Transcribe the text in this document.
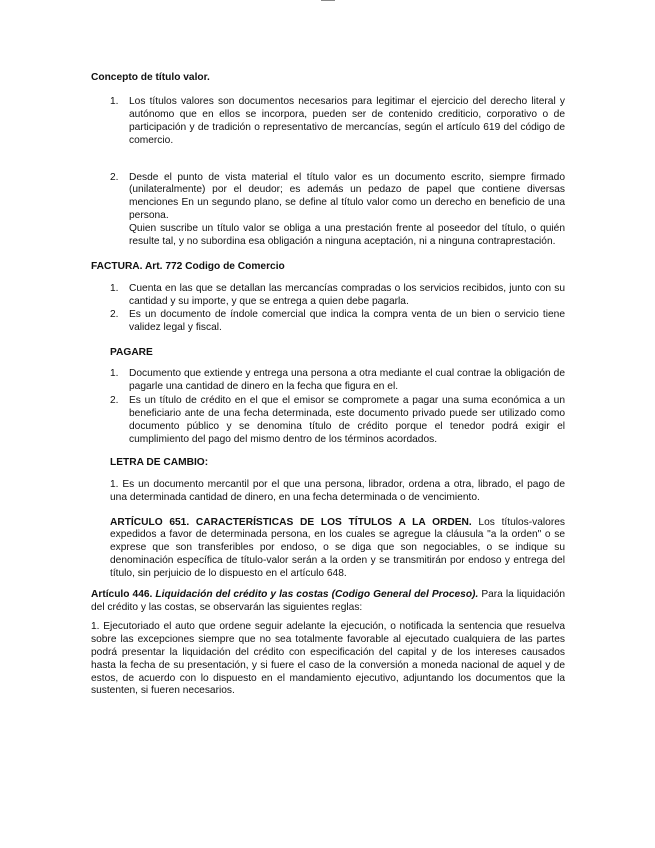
Concepto de título valor.

1.	Los títulos valores son documentos necesarios para legitimar el ejercicio del derecho literal y autónomo que en ellos se incorpora, pueden ser de contenido crediticio, corporativo o de participación y de tradición o representativo de mercancías, según el artículo 619 del código de comercio.
2.	Desde el punto de vista material el título valor es un documento escrito, siempre firmado (unilateralmente) por el deudor; es además un pedazo de papel que contiene diversas menciones En un segundo plano, se define al título valor como un derecho en beneficio de una persona.

Quien suscribe un título valor se obliga a una prestación frente al poseedor del título, o quién resulte tal, y no subordina esa obligación a ninguna aceptación, ni a ninguna contraprestación.

FACTURA. Art. 772 Codigo de Comercio

1.	Cuenta en las que se detallan las mercancías compradas o los servicios recibidos, junto con su cantidad y su importe, y que se entrega a quien debe pagarla.
2.	Es un documento de índole comercial que indica la compra venta de un bien o servicio tiene validez legal y fiscal.

PAGARE

1.	Documento que extiende y entrega una persona a otra mediante el cual contrae la obligación de pagarle una cantidad de dinero en la fecha que figura en el.
2.	Es un título de crédito en el que el emisor se compromete a pagar una suma económica a un beneficiario ante de una fecha determinada, este documento privado puede ser utilizado como documento público y se denomina título de crédito porque el tenedor podrá exigir el cumplimiento del pago del mismo dentro de los términos acordados.

LETRA DE CAMBIO:

1. Es un documento mercantil por el que una persona, librador, ordena a otra, librado, el pago de una determinada cantidad de dinero, en una fecha determinada o de vencimiento.

ARTÍCULO 651. CARACTERÍSTICAS DE LOS TÍTULOS A LA ORDEN. Los títulos-valores expedidos a favor de determinada persona, en los cuales se agregue la cláusula "a la orden" o se exprese que son transferibles por endoso, o se diga que son negociables, o se indique su denominación específica de título-valor serán a la orden y se transmitirán por endoso y entrega del título, sin perjuicio de lo dispuesto en el artículo 648.

Artículo 446. Liquidación del crédito y las costas (Codigo General del Proceso). Para la liquidación del crédito y las costas, se observarán las siguientes reglas:

1. Ejecutoriado el auto que ordene seguir adelante la ejecución, o notificada la sentencia que resuelva sobre las excepciones siempre que no sea totalmente favorable al ejecutado cualquiera de las partes podrá presentar la liquidación del crédito con especificación del capital y de los intereses causados hasta la fecha de su presentación, y si fuere el caso de la conversión a moneda nacional de aquel y de estos, de acuerdo con lo dispuesto en el mandamiento ejecutivo, adjuntando los documentos que la sustenten, si fueren necesarios.
